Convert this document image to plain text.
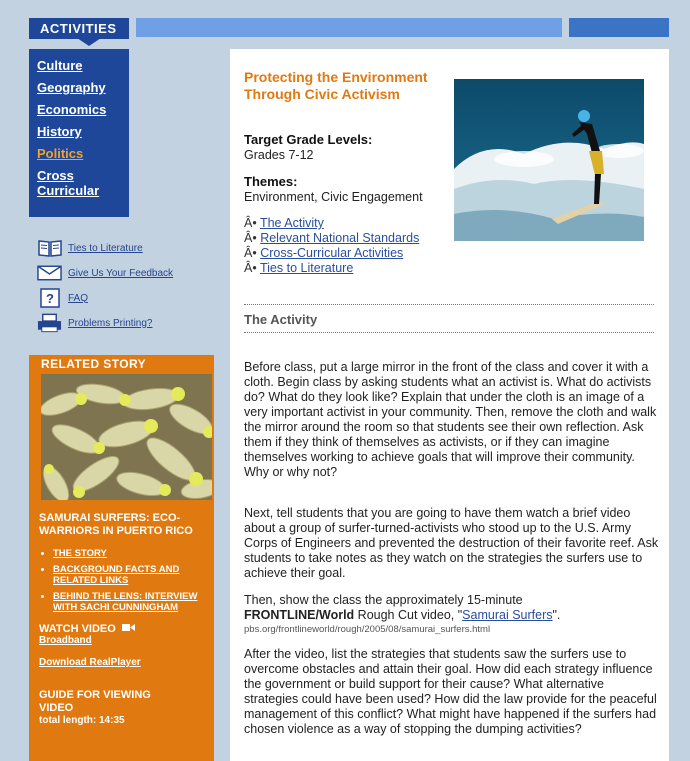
ACTIVITIES
Culture
Geography
Economics
History
Politics
Cross Curricular
Ties to Literature
Give Us Your Feedback
? FAQ
Problems Printing?
RELATED STORY
SAMURAI SURFERS: ECO-WARRIORS IN PUERTO RICO
• THE STORY
• BACKGROUND FACTS AND RELATED LINKS
• BEHIND THE LENS: INTERVIEW WITH SACHI CUNNINGHAM
WATCH VIDEO
Broadband
Download RealPlayer
GUIDE FOR VIEWING VIDEO
total length: 14:35
Protecting the Environment Through Civic Activism
Target Grade Levels:
Grades 7-12
Themes:
Environment, Civic Engagement
Â• The Activity
Â• Relevant National Standards
Â• Cross-Curricular Activities
Â• Ties to Literature
The Activity
Before class, put a large mirror in the front of the class and cover it with a cloth. Begin class by asking students what an activist is. What do activists do? What do they look like? Explain that under the cloth is an image of a very important activist in your community. Then, remove the cloth and walk the mirror around the room so that students see their own reflection. Ask them if they think of themselves as activists, or if they can imagine themselves working to achieve goals that will improve their community. Why or why not?
Next, tell students that you are going to have them watch a brief video about a group of surfer-turned-activists who stood up to the U.S. Army Corps of Engineers and prevented the destruction of their favorite reef. Ask students to take notes as they watch on the strategies the surfers use to achieve their goal.
Then, show the class the approximately 15-minute
FRONTLINE/World Rough Cut video, "Samurai Surfers".
pbs.org/frontlineworld/rough/2005/08/samurai_surfers.html
After the video, list the strategies that students saw the surfers use to overcome obstacles and attain their goal. How did each strategy influence the government or build support for their cause? What alternative strategies could have been used? How did the law provide for the peaceful management of this conflict? What might have happened if the surfers had chosen violence as a way of stopping the dumping activities?
